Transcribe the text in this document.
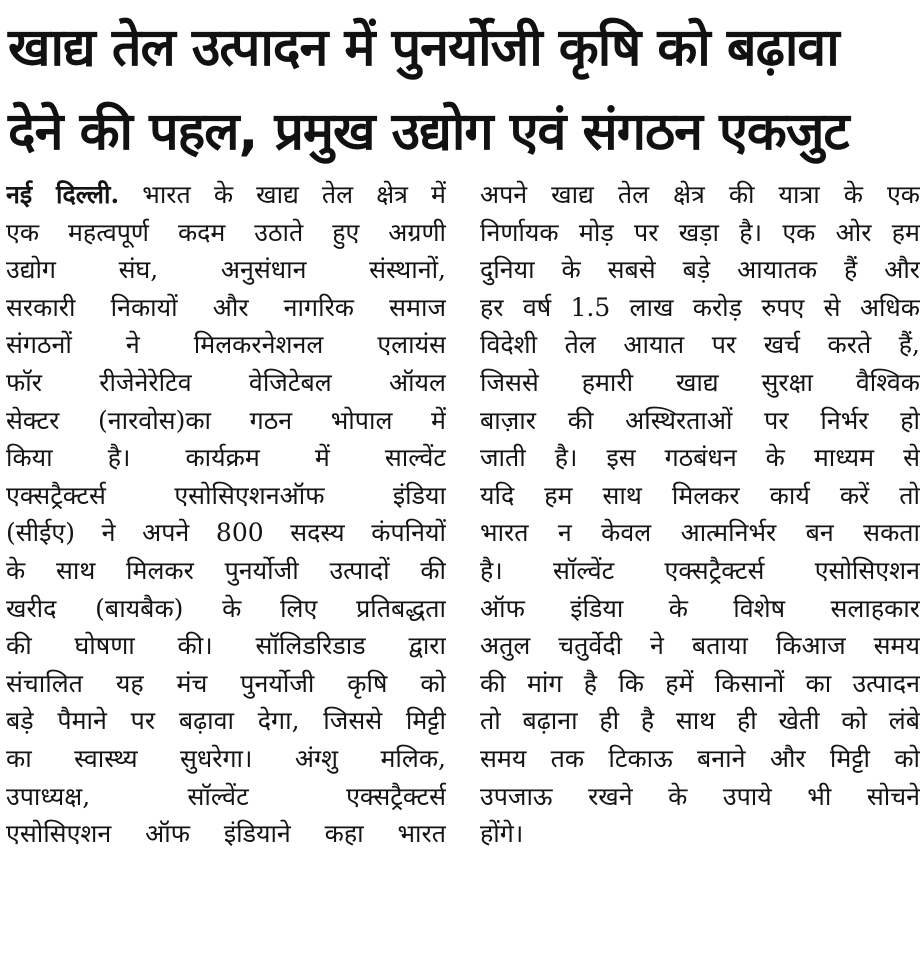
खाद्य तेल उत्पादन में पुनर्योजी कृषि को बढ़ावा
देने की पहल, प्रमुख उद्योग एवं संगठन एकजुट
नई दिल्ली. भारत के खाद्य तेल क्षेत्र में
एक महत्वपूर्ण कदम उठाते हुए अग्रणी
उद्योग संघ, अनुसंधान संस्थानों,
सरकारी निकायों और नागरिक समाज
संगठनों ने मिलकरनेशनल एलायंस
फॉर रीजेनेरेटिव वेजिटेबल ऑयल
सेक्टर (नारवोस)का गठन भोपाल में
किया है। कार्यक्रम में साल्वेंट
एक्सट्रैक्टर्स एसोसिएशनऑफ इंडिया
(सीईए) ने अपने 800 सदस्य कंपनियों
के साथ मिलकर पुनर्योजी उत्पादों की
खरीद (बायबैक) के लिए प्रतिबद्धता
की घोषणा की। सॉलिडरिडाड द्वारा
संचालित यह मंच पुनर्योजी कृषि को
बड़े पैमाने पर बढ़ावा देगा, जिससे मिट्टी
का स्वास्थ्य सुधरेगा। अंग्शु मलिक,
उपाध्यक्ष, सॉल्वेंट एक्सट्रैक्टर्स
एसोसिएशन ऑफ इंडियाने कहा भारत
अपने खाद्य तेल क्षेत्र की यात्रा के एक
निर्णायक मोड़ पर खड़ा है। एक ओर हम
दुनिया के सबसे बड़े आयातक हैं और
हर वर्ष 1.5 लाख करोड़ रुपए से अधिक
विदेशी तेल आयात पर खर्च करते हैं,
जिससे हमारी खाद्य सुरक्षा वैश्विक
बाज़ार की अस्थिरताओं पर निर्भर हो
जाती है। इस गठबंधन के माध्यम से
यदि हम साथ मिलकर कार्य करें तो
भारत न केवल आत्मनिर्भर बन सकता
है। सॉल्वेंट एक्सट्रैक्टर्स एसोसिएशन
ऑफ इंडिया के विशेष सलाहकार
अतुल चतुर्वेदी ने बताया किआज समय
की मांग है कि हमें किसानों का उत्पादन
तो बढ़ाना ही है साथ ही खेती को लंबे
समय तक टिकाऊ बनाने और मिट्टी को
उपजाऊ रखने के उपाये भी सोचने
होंगे।
